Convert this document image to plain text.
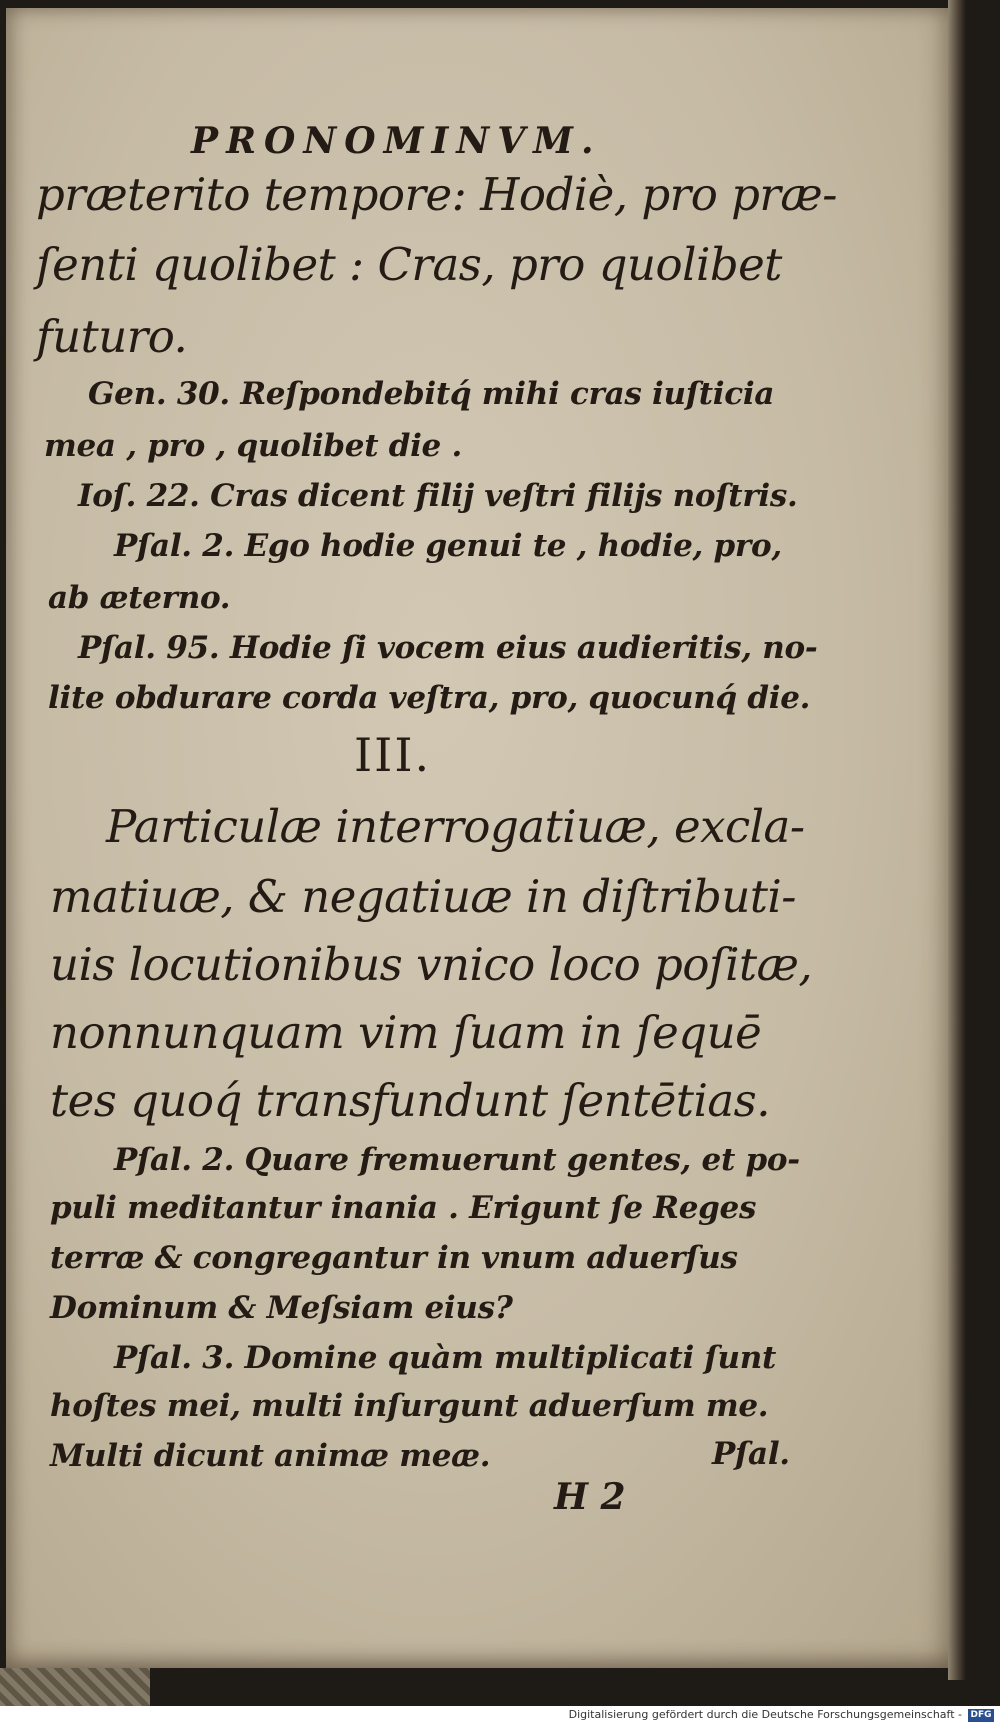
PRONOMINVM.
præterito tempore: Hodiè, pro præ-
ſenti quolibet : Cras, pro quolibet
futuro.
Gen. 30. Reſpondebitq́ mihi cras iuſticia
mea , pro , quolibet die .
Ioſ. 22. Cras dicent filij veſtri filijs noſtris.
Pſal. 2. Ego hodie genui te , hodie, pro,
ab æterno.
Pſal. 95. Hodie ſi vocem eius audieritis, no-
lite obdurare corda veſtra, pro, quocunq́ die.
III.
Particulæ interrogatiuæ, excla-
matiuæ, & negatiuæ in diſtributi-
uis locutionibus vnico loco poſitæ,
nonnunquam vim ſuam in ſequē
tes quoq́ transfundunt ſentētias.
Pſal. 2. Quare fremuerunt gentes, et po-
puli meditantur inania . Erigunt ſe Reges
terræ & congregantur in vnum aduerſus
Dominum & Meſsiam eius?
Pſal. 3. Domine quàm multiplicati ſunt
hoſtes mei, multi inſurgunt aduerſum me.
Multi dicunt animæ meæ.	Pſal.
H 2
Digitalisierung gefördert durch die Deutsche Forschungsgemeinschaft - DFG
